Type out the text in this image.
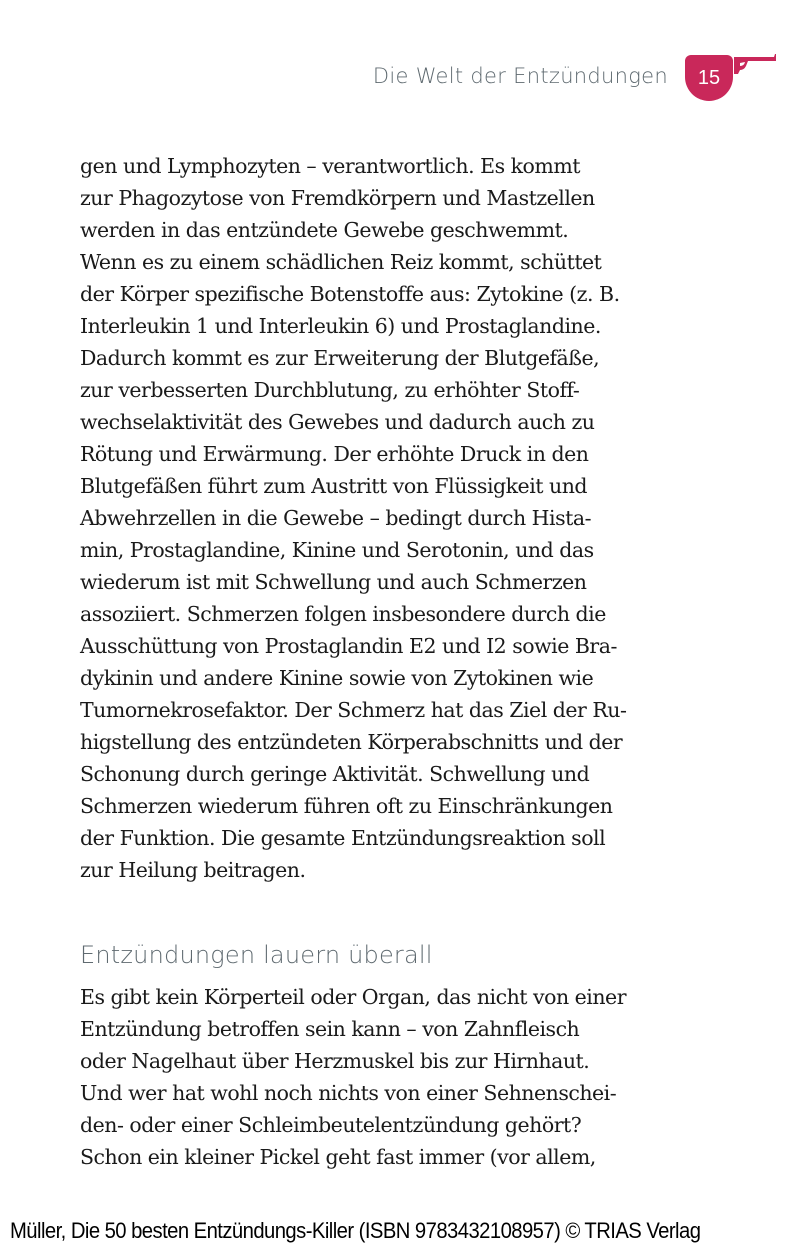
Die Welt der Entzündungen	15
gen und Lymphozyten – verantwortlich. Es kommt
zur Phagozytose von Fremdkörpern und Mastzellen
werden in das entzündete Gewebe geschwemmt.
Wenn es zu einem schädlichen Reiz kommt, schüttet
der Körper spezifische Botenstoffe aus: Zytokine (z. B.
Interleukin 1 und Interleukin 6) und Prostaglandine.
Dadurch kommt es zur Erweiterung der Blutgefäße,
zur verbesserten Durchblutung, zu erhöhter Stoff-
wechselaktivität des Gewebes und dadurch auch zu
Rötung und Erwärmung. Der erhöhte Druck in den
Blutgefäßen führt zum Austritt von Flüssigkeit und
Abwehrzellen in die Gewebe – bedingt durch Hista-
min, Prostaglandine, Kinine und Serotonin, und das
wiederum ist mit Schwellung und auch Schmerzen
assoziiert. Schmerzen folgen insbesondere durch die
Ausschüttung von Prostaglandin E2 und I2 sowie Bra-
dykinin und andere Kinine sowie von Zytokinen wie
Tumornekrosefaktor. Der Schmerz hat das Ziel der Ru-
higstellung des entzündeten Körperabschnitts und der
Schonung durch geringe Aktivität. Schwellung und
Schmerzen wiederum führen oft zu Einschränkungen
der Funktion. Die gesamte Entzündungsreaktion soll
zur Heilung beitragen.
Entzündungen lauern überall
Es gibt kein Körperteil oder Organ, das nicht von einer
Entzündung betroffen sein kann – von Zahnfleisch
oder Nagelhaut über Herzmuskel bis zur Hirnhaut.
Und wer hat wohl noch nichts von einer Sehnenschei-
den- oder einer Schleimbeutelentzündung gehört?
Schon ein kleiner Pickel geht fast immer (vor allem,
Müller, Die 50 besten Entzündungs-Killer (ISBN 9783432108957) © TRIAS Verlag
